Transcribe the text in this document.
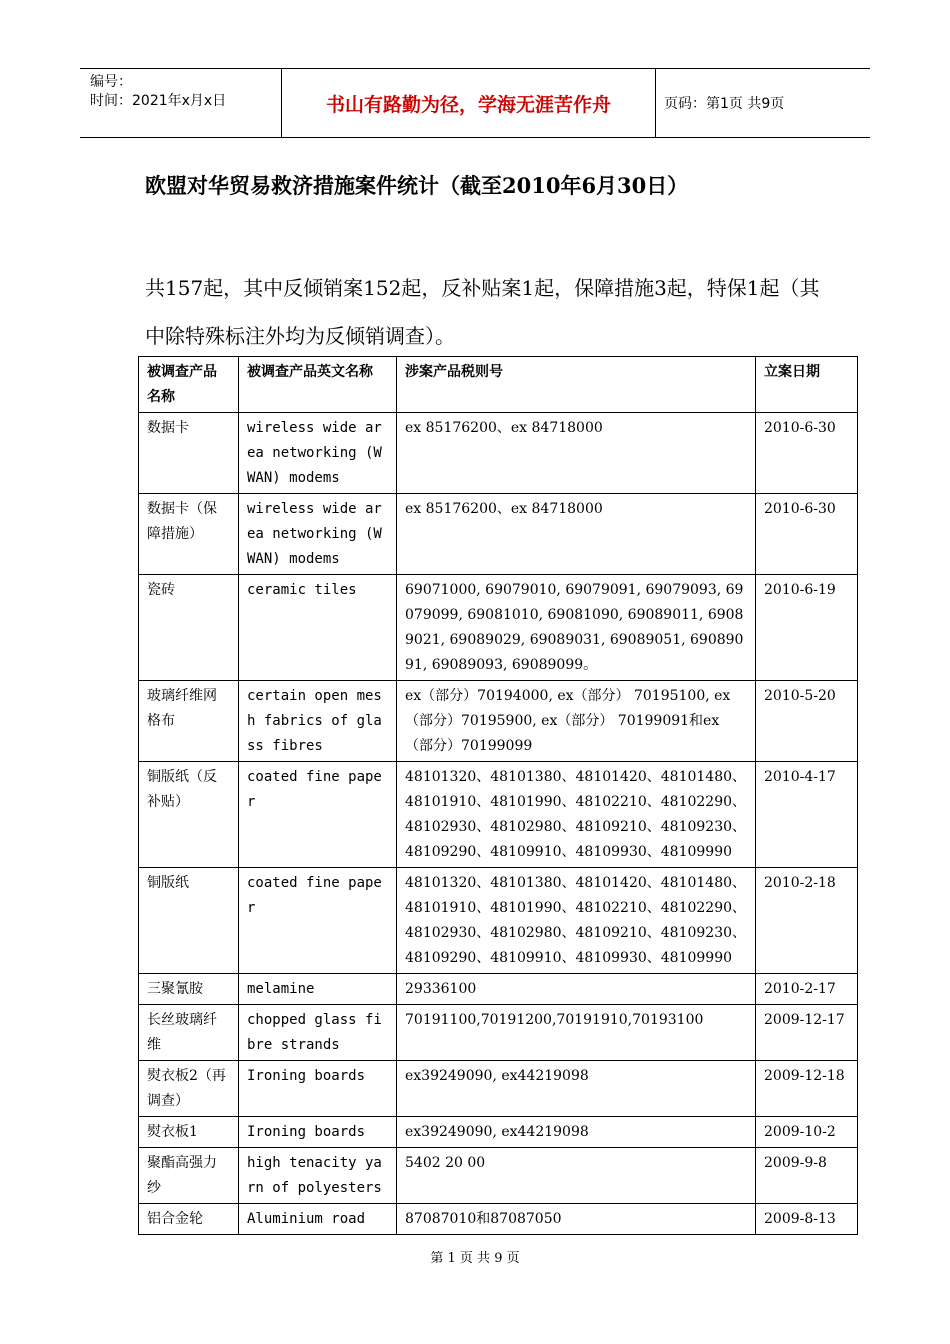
编号：
时间：2021年x月x日	书山有路勤为径，学海无涯苦作舟	页码：第1页 共9页
欧盟对华贸易救济措施案件统计（截至2010年6月30日）
共157起，其中反倾销案152起，反补贴案1起，保障措施3起，特保1起（其中除特殊标注外均为反倾销调查）。
被调查产品名称	被调查产品英文名称	涉案产品税则号	立案日期
数据卡	wireless wide area networking (WWAN) modems	ex 85176200、ex 84718000	2010-6-30
数据卡（保障措施）	wireless wide area networking (WWAN) modems	ex 85176200、ex 84718000	2010-6-30
瓷砖	ceramic tiles	69071000, 69079010, 69079091, 69079093, 69079099, 69081010, 69081090, 69089011, 69089021, 69089029, 69089031, 69089051, 69089091, 69089093, 69089099。	2010-6-19
玻璃纤维网格布	certain open mesh fabrics of glass fibres	ex（部分）70194000, ex（部分） 70195100, ex（部分）70195900, ex（部分） 70199091和ex （部分）70199099	2010-5-20
铜版纸（反补贴）	coated fine paper	48101320、48101380、48101420、48101480、48101910、48101990、48102210、48102290、48102930、48102980、48109210、48109230、48109290、48109910、48109930、48109990	2010-4-17
铜版纸	coated fine paper	48101320、48101380、48101420、48101480、48101910、48101990、48102210、48102290、48102930、48102980、48109210、48109230、48109290、48109910、48109930、48109990	2010-2-18
三聚氰胺	melamine	29336100	2010-2-17
长丝玻璃纤维	chopped glass fibre strands	70191100,70191200,70191910,70193100	2009-12-17
熨衣板2（再调查）	Ironing boards	ex39249090, ex44219098	2009-12-18
熨衣板1	Ironing boards	ex39249090, ex44219098	2009-10-2
聚酯高强力纱	high tenacity yarn of polyesters	5402 20 00	2009-9-8
铝合金轮	Aluminium road	87087010和87087050	2009-8-13
第 1 页 共 9 页
